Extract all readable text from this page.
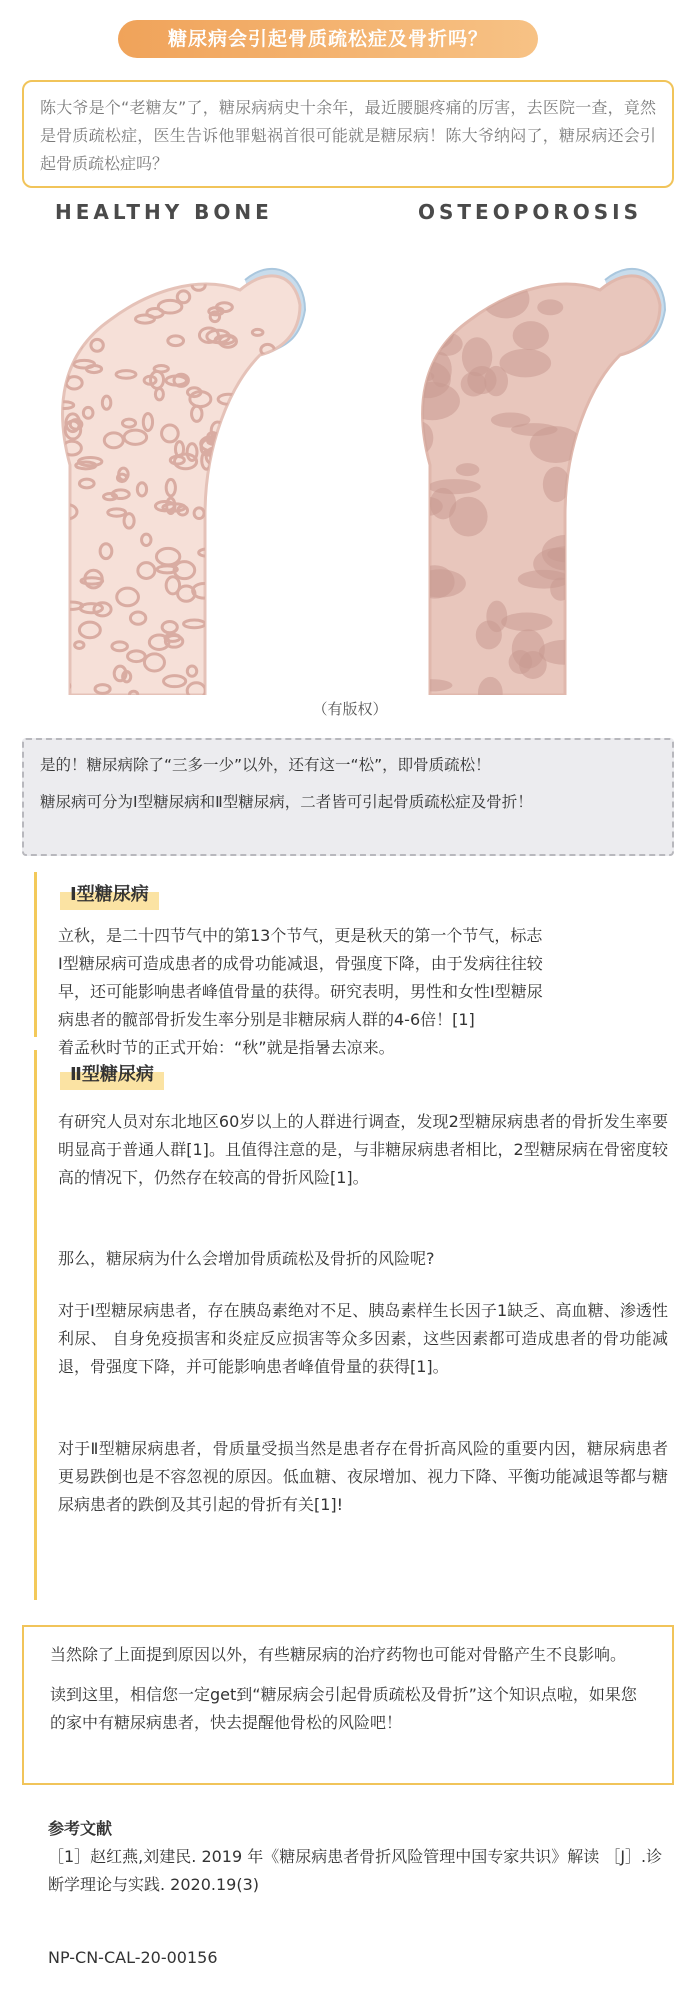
糖尿病会引起骨质疏松症及骨折吗？
陈大爷是个“老糖友”了，糖尿病病史十余年，最近腰腿疼痛的厉害，去医院一查，竟然是骨质疏松症，医生告诉他罪魁祸首很可能就是糖尿病！陈大爷纳闷了，糖尿病还会引起骨质疏松症吗？
HEALTHY BONE	OSTEOPOROSIS
（有版权）

是的！糖尿病除了“三多一少”以外，还有这一“松”，即骨质疏松！

糖尿病可分为Ⅰ型糖尿病和Ⅱ型糖尿病，二者皆可引起骨质疏松症及骨折！

Ⅰ型糖尿病

立秋，是二十四节气中的第13个节气，更是秋天的第一个节气，标志

Ⅰ型糖尿病可造成患者的成骨功能减退，骨强度下降，由于发病往往较

早，还可能影响患者峰值骨量的获得。研究表明，男性和女性Ⅰ型糖尿

病患者的髋部骨折发生率分别是非糖尿病人群的4-6倍！[1]

着孟秋时节的正式开始：“秋”就是指暑去凉来。

Ⅱ型糖尿病
有研究人员对东北地区60岁以上的人群进行调查，发现2型糖尿病患者的骨折发生率要明显高于普通人群[1]。且值得注意的是，与非糖尿病患者相比，2型糖尿病在骨密度较高的情况下，仍然存在较高的骨折风险[1]。
那么，糖尿病为什么会增加骨质疏松及骨折的风险呢?
对于Ⅰ型糖尿病患者，存在胰岛素绝对不足、胰岛素样生长因子1缺乏、高血糖、渗透性利尿、 自身免疫损害和炎症反应损害等众多因素，这些因素都可造成患者的骨功能减退，骨强度下降，并可能影响患者峰值骨量的获得[1]。
对于Ⅱ型糖尿病患者，骨质量受损当然是患者存在骨折高风险的重要内因，糖尿病患者更易跌倒也是不容忽视的原因。低血糖、夜尿增加、视力下降、平衡功能减退等都与糖尿病患者的跌倒及其引起的骨折有关[1]!

当然除了上面提到原因以外，有些糖尿病的治疗药物也可能对骨骼产生不良影响。

读到这里，相信您一定get到“糖尿病会引起骨质疏松及骨折”这个知识点啦，如果您的家中有糖尿病患者，快去提醒他骨松的风险吧！

参考文献
［1］赵红燕,刘建民. 2019 年《糖尿病患者骨折风险管理中国专家共识》解读 ［J］.诊断学理论与实践. 2020.19(3)
NP-CN-CAL-20-00156
